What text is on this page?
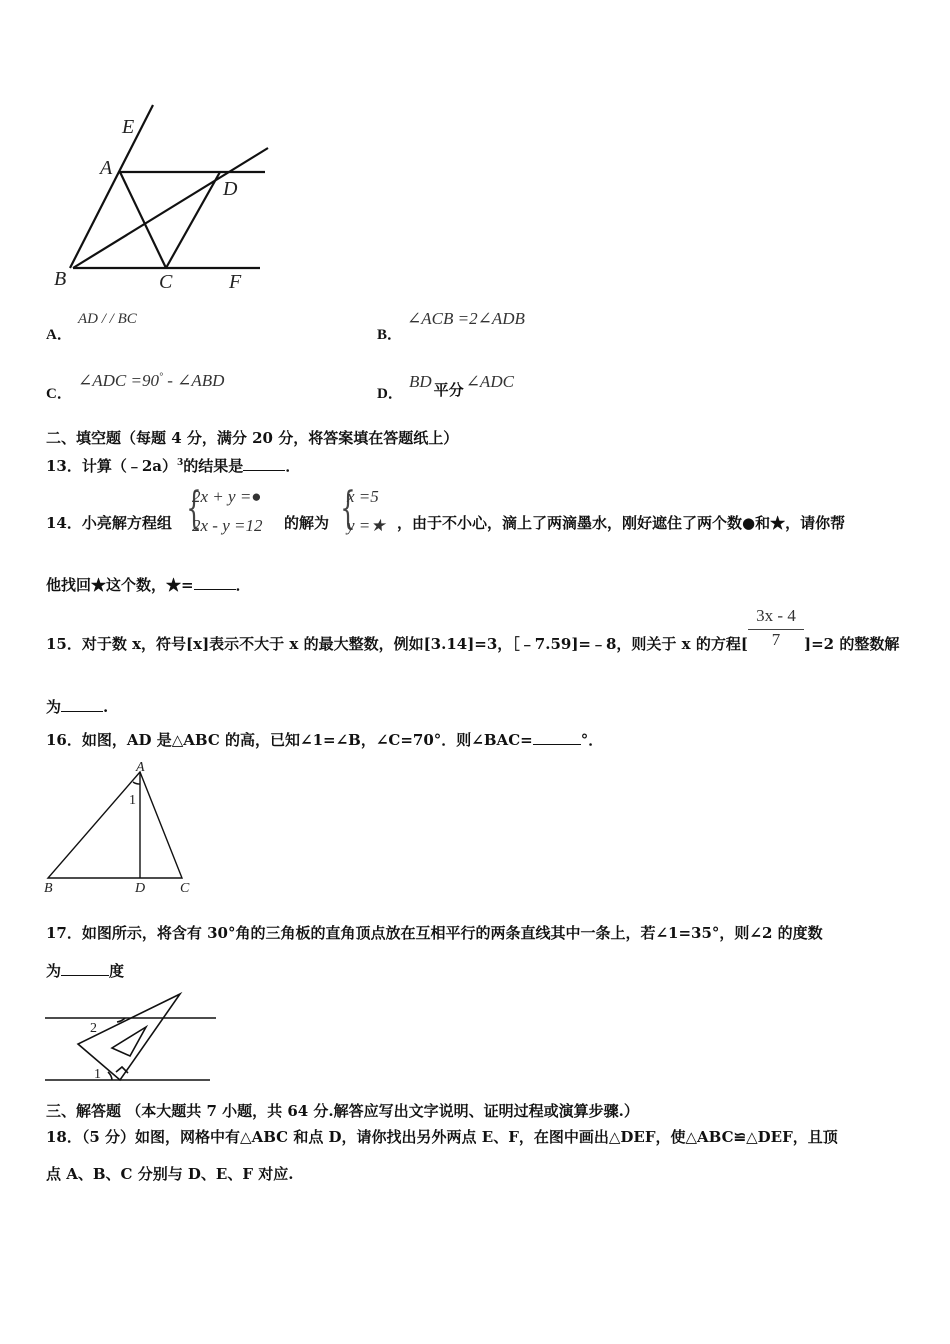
E
A
D
B	C	F
A．
AD / / BC
B．
∠ACB =2∠ADB
C．
∠ADC =90° - ∠ABD
D．
BD 平分 ∠ADC
二、填空题（每题 4 分，满分 20 分，将答案填在答题纸上）
13．计算（﹣2a）$^3$的结果是	．
14．小亮解方程组 {
2x + y =●
2x - y =12 的解为 {
x =5
y =★ ，由于不小心，滴上了两滴墨水，刚好遮住了两个数●和★，请你帮
他找回★这个数，★=	．
15．对于数 x，符号[x]表示不大于 x 的最大整数，例如[3.14]=3，［﹣7.59]=﹣8，则关于 x 的方程[
3x - 4
7	]=2 的整数解
为	.
16．如图，AD 是△ABC 的高，已知∠1=∠B，∠C=70°．则∠BAC=	°．
A
1
B	D C
17．如图所示，将含有 30°角的三角板的直角顶点放在互相平行的两条直线其中一条上，若∠1=35°，则∠2 的度数
为	度
2
1
三、解答题 （本大题共 7 小题，共 64 分.解答应写出文字说明、证明过程或演算步骤.）
18．（5 分）如图，网格中有△ABC 和点 D，请你找出另外两点 E、F，在图中画出△DEF，使△ABC≌△DEF，且顶
点 A、B、C 分别与 D、E、F 对应.
